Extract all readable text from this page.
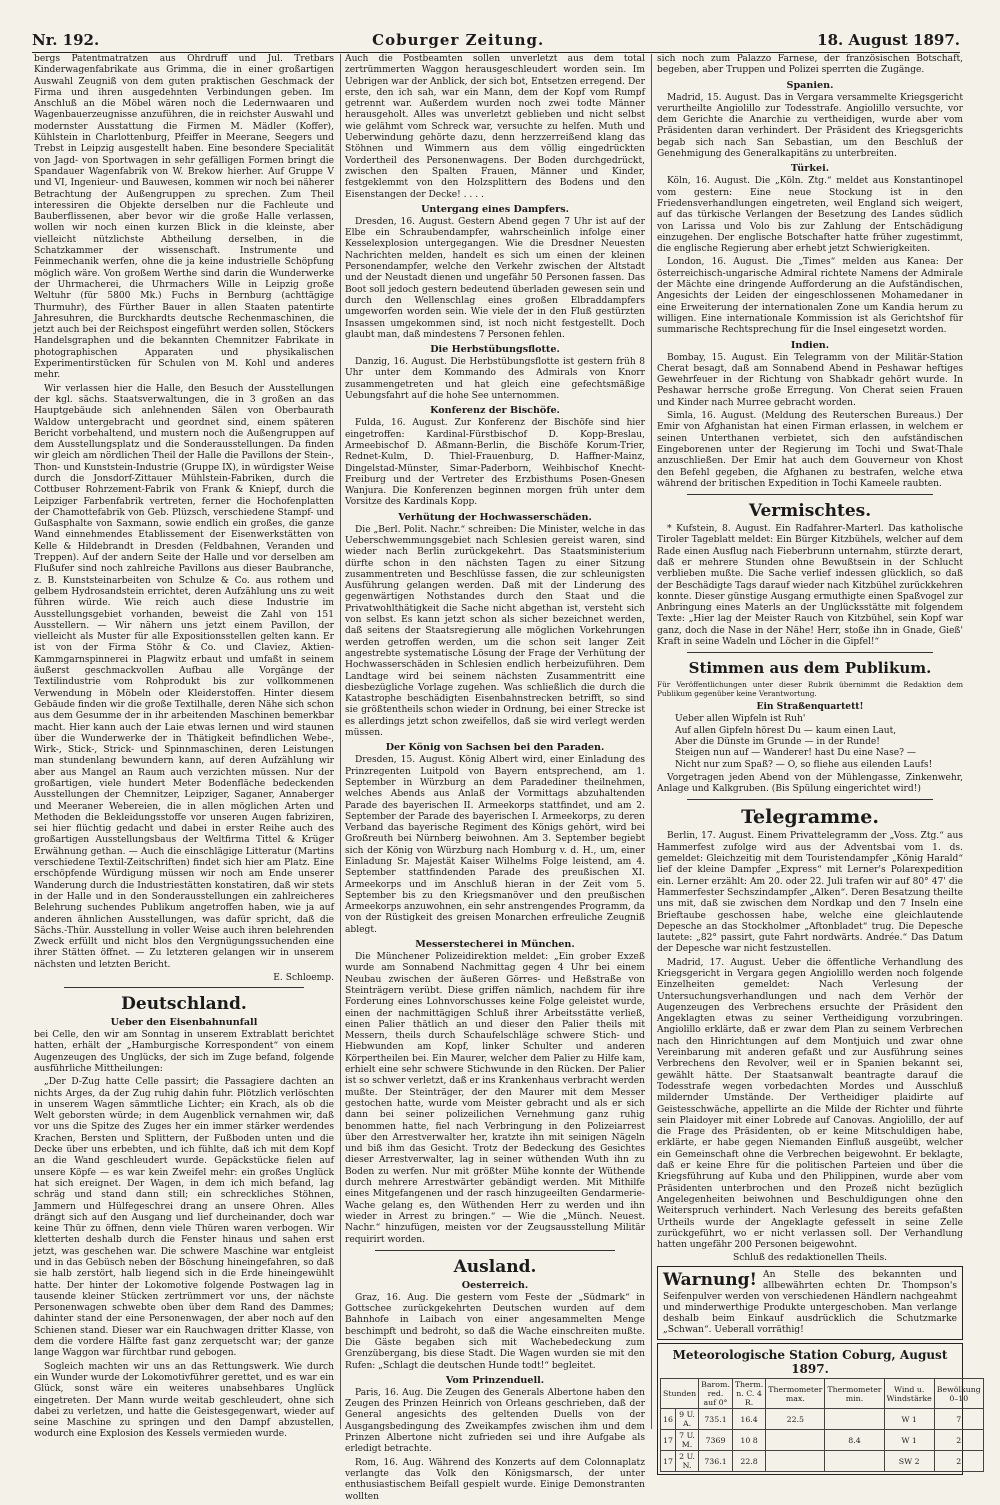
Nr. 192.	Coburger Zeitung.	18. August 1897.

bergs Patentmatratzen aus Ohrdruff und Jul. Tretbars Kinderwagenfabrikate aus Grimma, die in einer großartigen Auswahl Zeugniß von dem guten praktischen Geschmack der Firma und ihren ausgedehnten Verbindungen geben. Im Anschluß an die Möbel wären noch die Ledernwaaren und Wagenbauerzeugnisse anzuführen, die in reichster Auswahl und modernster Ausstattung die Firmen M. Mädler (Koffer), Kühlstein in Charlottenburg, Pfeiffer in Meerane, Seegers und Trebst in Leipzig ausgestellt haben. Eine besondere Specialität von Jagd- von Sportwagen in sehr gefälligen Formen bringt die Spandauer Wagenfabrik von W. Brekow hierher. Auf Gruppe V und VI, Ingenieur- und Bauwesen, kommen wir noch bei näherer Betrachtung der Außengruppen zu sprechen. Zum Theil interessiren die Objekte derselben nur die Fachleute und Bauberflissenen, aber bevor wir die große Halle verlassen, wollen wir noch einen kurzen Blick in die kleinste, aber vielleicht nützlichste Abtheilung derselben, in die Schatzkammer der wissenschaft. Instrumente und Feinmechanik werfen, ohne die ja keine industrielle Schöpfung möglich wäre. Von großem Werthe sind darin die Wunderwerke der Uhrmacherei, die Uhrmachers Wille in Leipzig große Weltuhr (für 5800 Mk.) Fuchs in Bernburg (achttägige Thurmuhr), des Fürther Bauer in allen Staaten patentirte Jahresuhren, die Burckhardts deutsche Rechenmaschinen, die jetzt auch bei der Reichspost eingeführt werden sollen, Stöckers Handelsgraphen und die bekannten Chemnitzer Fabrikate in photographischen Apparaten und physikalischen Experimentirstücken für Schulen von M. Kohl und anderes mehr.

Wir verlassen hier die Halle, den Besuch der Ausstellungen der kgl. sächs. Staatsverwaltungen, die in 3 großen an das Hauptgebäude sich anlehnenden Sälen von Oberbaurath Waldow untergebracht und geordnet sind, einem späteren Bericht vorbehaltend, und mustern noch die Außengruppen auf dem Ausstellungsplatz und die Sonderausstellungen. Da finden wir gleich am nördlichen Theil der Halle die Pavillons der Stein-, Thon- und Kunststein-Industrie (Gruppe IX), in würdigster Weise durch die Jonsdorf-Zittauer Mühlstein-Fabriken, durch die Cottbuser Rohrzement-Fabrik von Frank & Kniepf, durch die Leipziger Farbenfabrik vertreten, ferner die Hochofenplatten der Chamottefabrik von Geb. Plüzsch, verschiedene Stampf- und Gußasphalte von Saxmann, sowie endlich ein großes, die ganze Wand einnehmendes Etablissement der Eisenwerkstätten von Kelle & Hildebrandt in Dresden (Feldbahnen, Veranden und Treppen). Auf der andern Seite der Halle und vor derselben am Flußufer sind noch zahlreiche Pavillons aus dieser Baubranche, z. B. Kunststeinarbeiten von Schulze & Co. aus rothem und gelbem Hydrosandstein errichtet, deren Aufzählung uns zu weit führen würde. Wie reich auch diese Industrie im Ausstellungsgebiet vorhanden, beweist die Zahl von 151 Ausstellern. — Wir nähern uns jetzt einem Pavillon, der vielleicht als Muster für alle Expositionsstellen gelten kann. Er ist von der Firma Stöhr & Co. und Claviez, Aktien-Kammgarnspinnerei in Plagwitz erbaut und umfaßt in seinem äußerst geschmackvollen Aufbau alle Vorgänge der Textilindustrie vom Rohprodukt bis zur vollkommenen Verwendung in Möbeln oder Kleiderstoffen. Hinter diesem Gebäude finden wir die große Textilhalle, deren Nähe sich schon aus dem Gesumme der in ihr arbeitenden Maschinen bemerkbar macht. Hier kann auch der Laie etwas lernen und wird staunen über die Wunderwerke der in Thätigkeit befindlichen Webe-, Wirk-, Stick-, Strick- und Spinnmaschinen, deren Leistungen man stundenlang bewundern kann, auf deren Aufzählung wir aber aus Mangel an Raum auch verzichten müssen. Nur der großartigen, viele hundert Meter Bodenfläche bedeckenden Ausstellungen der Chemnitzer, Leipziger, Saganer, Annaberger und Meeraner Webereien, die in allen möglichen Arten und Methoden die Bekleidungsstoffe vor unseren Augen fabriziren, sei hier flüchtig gedacht und dabei in erster Reihe auch des großartigen Ausstellungsbaus der Weltfirma Tittel & Krüger Erwähnung gethan. — Auch die einschlägige Litteratur (Martins verschiedene Textil-Zeitschriften) findet sich hier am Platz. Eine erschöpfende Würdigung müssen wir noch am Ende unserer Wanderung durch die Industriestätten konstatiren, daß wir stets in der Halle und in den Sonderausstellungen ein zahlreicheres Belehrung suchendes Publikum angetroffen haben, wie ja auf anderen ähnlichen Ausstellungen, was dafür spricht, daß die Sächs.-Thür. Ausstellung in voller Weise auch ihren belehrenden Zweck erfüllt und nicht blos den Vergnügungssuchenden eine ihrer Stätten öffnet. — Zu letzteren gelangen wir in unserem nächsten und letzten Bericht.

E. Schloemp.
Deutschland.
Ueber den Eisenbahnunfall

bei Celle, den wir am Sonntag in unserem Extrablatt berichtet hatten, erhält der „Hamburgische Korrespondent“ von einem Augenzeugen des Unglücks, der sich im Zuge befand, folgende ausführliche Mittheilungen:

„Der D-Zug hatte Celle passirt; die Passagiere dachten an nichts Arges, da der Zug ruhig dahin fuhr. Plötzlich verlöschten in unserem Wagen sämmtliche Lichter; ein Krach, als ob die Welt geborsten würde; in dem Augenblick vernahmen wir, daß vor uns die Spitze des Zuges her ein immer stärker werdendes Krachen, Bersten und Splittern, der Fußboden unten und die Decke über uns erbebten, und ich fühlte, daß ich mit dem Kopf an die Wand geschleudert wurde. Gepäckstücke fielen auf unsere Köpfe — es war kein Zweifel mehr: ein großes Unglück hat sich ereignet. Der Wagen, in dem ich mich befand, lag schräg und stand dann still; ein schreckliches Stöhnen, Jammern und Hülfegeschrei drang an unsere Ohren. Alles drängt sich auf den Ausgang und lief durcheinander, doch war keine Thür zu öffnen, denn viele Thüren waren verbogen. Wir kletterten deshalb durch die Fenster hinaus und sahen erst jetzt, was geschehen war. Die schwere Maschine war entgleist und in das Gebüsch neben der Böschung hineingefahren, so daß sie halb zerstört, halb liegend sich in die Erde hineingewühlt hatte. Der hinter der Lokomotive folgende Postwagen lag in tausende kleiner Stücken zertrümmert vor uns, der nächste Personenwagen schwebte oben über dem Rand des Dammes; dahinter stand der eine Personenwagen, der aber noch auf den Schienen stand. Dieser war ein Rauchwagen dritter Klasse, von dem die vordere Hälfte fast ganz zerquetscht war; der ganze lange Waggon war fürchtbar rund gebogen.

Sogleich machten wir uns an das Rettungswerk. Wie durch ein Wunder wurde der Lokomotivführer gerettet, und es war ein Glück, sonst wäre ein weiteres unabsehbares Unglück eingetreten. Der Mann wurde weitab geschleudert, ohne sich dabei zu verletzen, und hatte die Geistesgegenwart, wieder auf seine Maschine zu springen und den Dampf abzustellen, wodurch eine Explosion des Kessels vermieden wurde.

Auch die Postbeamten sollen unverletzt aus dem total zertrümmerten Waggon herausgeschleudert worden sein. Im Uebrigen war der Anblick, der sich bot, Entsetzen erregend. Der erste, den ich sah, war ein Mann, dem der Kopf vom Rumpf getrennt war. Außerdem wurden noch zwei todte Männer herausgeholt. Alles was unverletzt geblieben und nicht selbst wie gelähmt vom Schreck war, versuchte zu helfen. Muth und Ueberwindung gehörte dazu, denn herzzerreißend klang das Stöhnen und Wimmern aus dem völlig eingedrückten Vordertheil des Personenwagens. Der Boden durchgedrückt, zwischen den Spalten Frauen, Männer und Kinder, festgeklemmt von den Holzsplittern des Bodens und den Eisenstangen der Decke! . . . .

Untergang eines Dampfers.

Dresden, 16. August. Gestern Abend gegen 7 Uhr ist auf der Elbe ein Schraubendampfer, wahrscheinlich infolge einer Kesselexplosion untergegangen. Wie die Dresdner Neuesten Nachrichten melden, handelt es sich um einen der kleinen Personendampfer, welche den Verkehr zwischen der Altstadt und der Neustadt dienen und ungefähr 50 Personen fassen. Das Boot soll jedoch gestern bedeutend überladen gewesen sein und durch den Wellenschlag eines großen Elbraddampfers umgeworfen worden sein. Wie viele der in den Fluß gestürzten Insassen umgekommen sind, ist noch nicht festgestellt. Doch glaubt man, daß mindestens 7 Personen fehlen.

Die Herbstübungsflotte.

Danzig, 16. August. Die Herbstübungsflotte ist gestern früh 8 Uhr unter dem Kommando des Admirals von Knorr zusammengetreten und hat gleich eine gefechtsmäßige Uebungsfahrt auf die hohe See unternommen.

Konferenz der Bischöfe.

Fulda, 16. August. Zur Konferenz der Bischöfe sind hier eingetroffen: Kardinal-Fürstbischof D. Kopp-Breslau, Armeebischof D. Aßmann-Berlin, die Bischöfe Korum-Trier, Rednet-Kulm, D. Thiel-Frauenburg, D. Haffner-Mainz, Dingelstad-Münster, Simar-Paderborn, Weihbischof Knecht-Freiburg und der Vertreter des Erzbisthums Posen-Gnesen Wanjura. Die Konferenzen beginnen morgen früh unter dem Vorsitze des Kardinals Kopp.

Verhütung der Hochwasserschäden.

Die „Berl. Polit. Nachr.“ schreiben: Die Minister, welche in das Ueberschwemmungsgebiet nach Schlesien gereist waren, sind wieder nach Berlin zurückgekehrt. Das Staatsministerium dürfte schon in den nächsten Tagen zu einer Sitzung zusammentreten und Beschlüsse fassen, die zur schleunigsten Ausführung gelangen werden. Daß mit der Linderung des gegenwärtigen Nothstandes durch den Staat und die Privatwohlthätigkeit die Sache nicht abgethan ist, versteht sich von selbst. Es kann jetzt schon als sicher bezeichnet werden, daß seitens der Staatsregierung alle möglichen Vorkehrungen werden getroffen werden, um die schon seit langer Zeit angestrebte systematische Lösung der Frage der Verhütung der Hochwasserschäden in Schlesien endlich herbeizuführen. Dem Landtage wird bei seinem nächsten Zusammentritt eine diesbezügliche Vorlage zugehen. Was schließlich die durch die Katastrophe beschädigten Eisenbahnstrecken betrifft, so sind sie größtentheils schon wieder in Ordnung, bei einer Strecke ist es allerdings jetzt schon zweifellos, daß sie wird verlegt werden müssen.

Der König von Sachsen bei den Paraden.

Dresden, 15. August. König Albert wird, einer Einladung des Prinzregenten Luitpold von Bayern entsprechend, am 1. September in Würzburg an dem Paradediner theilnehmen, welches Abends aus Anlaß der Vormittags abzuhaltenden Parade des bayerischen II. Armeekorps stattfindet, und am 2. September der Parade des bayerischen I. Armeekorps, zu deren Verband das bayerische Regiment des Königs gehört, wird bei Großreuth bei Nürnberg beiwohnen. Am 3. September begiebt sich der König von Würzburg nach Homburg v. d. H., um, einer Einladung Sr. Majestät Kaiser Wilhelms Folge leistend, am 4. September stattfindenden Parade des preußischen XI. Armeekorps und im Anschluß hieran in der Zeit vom 5. September bis zu den Kriegsmanöver und den preußischen Armeekorps anzuwohnen, ein sehr anstrengendes Programm, da von der Rüstigkeit des greisen Monarchen erfreuliche Zeugniß ablegt.

Messerstecherei in München.

Die Münchener Polizeidirektion meldet: „Ein grober Exzeß wurde am Sonnabend Nachmittag gegen 4 Uhr bei einem Neubau zwischen der äußeren Görres- und Heßstraße von Steinträgern verübt. Diese griffen nämlich, nachdem für ihre Forderung eines Lohnvorschusses keine Folge geleistet wurde, einen der nachmittägigen Schluß ihrer Arbeitsstätte verließ, einen Palier thätlich an und dieser den Palier theils mit Messern, theils durch Schaufelschläge schwere Stich- und Hiebwunden am Kopf, linker Schulter und anderen Körpertheilen bei. Ein Maurer, welcher dem Palier zu Hilfe kam, erhielt eine sehr schwere Stichwunde in den Rücken. Der Palier ist so schwer verletzt, daß er ins Krankenhaus verbracht werden mußte. Der Steinträger, der den Maurer mit dem Messer gestochen hatte, wurde vom Meister gebracht und als er sich dann bei seiner polizeilichen Vernehmung ganz ruhig benommen hatte, fiel nach Verbringung in den Polizeiarrest über den Arrestverwalter her, kratzte ihn mit seinigen Nägeln und biß ihm das Gesicht. Trotz der Bedeckung des Gesichtes dieser Arrestverwalter, lag in seiner wüthenden Wuth ihn zu Boden zu werfen. Nur mit größter Mühe konnte der Wüthende durch mehrere Arrestwärter gebändigt werden. Mit Mithilfe eines Mitgefangenen und der rasch hinzugeeilten Gendarmerie-Wache gelang es, den Wüthenden Herr zu werden und ihn wieder in Arrest zu bringen.“ — Wie die „Münch. Neuest. Nachr.“ hinzufügen, meisten vor der Zeugsausstellung Militär requirirt worden.

Ausland.
Oesterreich.

Graz, 16. Aug. Die gestern vom Feste der „Südmark“ in Gottschee zurückgekehrten Deutschen wurden auf dem Bahnhofe in Laibach von einer angesammelten Menge beschimpft und bedroht, so daß die Wache einschreiten mußte. Die Gäste begaben sich mit Wachebedeckung zum Grenzübergang, bis diese Stadt. Die Wagen wurden sie mit den Rufen: „Schlagt die deutschen Hunde todt!“ begleitet.

Vom Prinzenduell.

Paris, 16. Aug. Die Zeugen des Generals Albertone haben den Zeugen des Prinzen Heinrich von Orleans geschrieben, daß der General angesichts des geltenden Duells von der Ausgangsbedingung des Zweikampfes zwischen ihm und dem Prinzen Albertone nicht zufrieden sei und ihre Aufgabe als erledigt betrachte.

Rom, 16. Aug. Während des Konzerts auf dem Colonnaplatz verlangte das Volk den Königsmarsch, der unter enthusiastischem Beifall gespielt wurde. Einige Demonstranten wollten

sich noch zum Palazzo Farnese, der französischen Botschaft, begeben, aber Truppen und Polizei sperrten die Zugänge.

Spanien.

Madrid, 15. August. Das in Vergara versammelte Kriegsgericht verurtheilte Angiolillo zur Todesstrafe. Angiolillo versuchte, vor dem Gerichte die Anarchie zu vertheidigen, wurde aber vom Präsidenten daran verhindert. Der Präsident des Kriegsgerichts begab sich nach San Sebastian, um den Beschluß der Genehmigung des Generalkapitäns zu unterbreiten.

Türkei.

Köln, 16. August. Die „Köln. Ztg.“ meldet aus Konstantinopel vom gestern: Eine neue Stockung ist in den Friedensverhandlungen eingetreten, weil England sich weigert, auf das türkische Verlangen der Besetzung des Landes südlich von Larissa und Volo bis zur Zahlung der Entschädigung einzugehen. Der englische Botschafter hatte früher zugestimmt, die englische Regierung aber erhebt jetzt Schwierigkeiten.

London, 16. August. Die „Times“ melden aus Kanea: Der österreichisch-ungarische Admiral richtete Namens der Admirale der Mächte eine dringende Aufforderung an die Aufständischen, Angesichts der Leiden der eingeschlossenen Mohamedaner in eine Erweiterung der internationalen Zone um Kandia herum zu willigen. Eine internationale Kommission ist als Gerichtshof für summarische Rechtsprechung für die Insel eingesetzt worden.

Indien.

Bombay, 15. August. Ein Telegramm von der Militär-Station Cherat besagt, daß am Sonnabend Abend in Peshawar heftiges Gewehrfeuer in der Richtung von Shabkadr gehört wurde. In Peshawar herrsche große Erregung. Von Cherat seien Frauen und Kinder nach Murree gebracht worden.

Simla, 16. August. (Meldung des Reuterschen Bureaus.) Der Emir von Afghanistan hat einen Firman erlassen, in welchem er seinen Unterthanen verbietet, sich den aufständischen Eingeborenen unter der Regierung im Tochi und Swat-Thale anzuschließen. Der Emir hat auch dem Gouverneur von Khost den Befehl gegeben, die Afghanen zu bestrafen, welche etwa während der britischen Expedition in Tochi Kameele raubten.

Vermischtes.

* Kufstein, 8. August. Ein Radfahrer-Marterl. Das katholische Tiroler Tageblatt meldet: Ein Bürger Kitzbühels, welcher auf dem Rade einen Ausflug nach Fieberbrunn unternahm, stürzte derart, daß er mehrere Stunden ohne Bewußtsein in der Schlucht verblieben mußte. Die Sache verlief indessen glücklich, so daß der Beschädigte Tags darauf wieder nach Kitzbühel zurückkehren konnte. Dieser günstige Ausgang ermuthigte einen Spaßvogel zur Anbringung eines Materls an der Unglücksstätte mit folgendem Texte: „Hier lag der Meister Rauch von Kitzbühel, sein Kopf war ganz, doch die Nase in der Nähe! Herr, stoße ihn in Gnade, Gieß' Kraft in seine Wadeln und Löcher in die Gipfel!“

Stimmen aus dem Publikum.
Für Veröffentlichungen unter dieser Rubrik übernimmt die Redaktion dem Publikum gegenüber keine Verantwortung.
Ein Straßenquartett!
Ueber allen Wipfeln ist Ruh'
Auf allen Gipfeln hörest Du — kaum einen Laut,
Aber die Dünste im Grunde — in der Runde!
Steigen nun auf — Wanderer! hast Du eine Nase? —
Nicht nur zum Spaß? — O, so fliehe aus eilenden Laufs!

Vorgetragen jeden Abend von der Mühlengasse, Zinkenwehr, Anlage und Kalkgruben. (Bis Spülung eingerichtet wird!)

Telegramme.

Berlin, 17. August. Einem Privattelegramm der „Voss. Ztg.“ aus Hammerfest zufolge wird aus der Adventsbai vom 1. ds. gemeldet: Gleichzeitig mit dem Touristendampfer „König Harald“ lief der kleine Dampfer „Express“ mit Lerner's Polarexpedition ein. Lerner erzählt: Am 20. oder 22. Juli trafen wir auf 80° 47' die Hammerfester Sechszindampfer „Alken“. Deren Besatzung theilte uns mit, daß sie zwischen dem Nordkap und den 7 Inseln eine Brieftaube geschossen habe, welche eine gleichlautende Depesche an das Stockholmer „Aftonbladet“ trug. Die Depesche lautete: „82° passirt, gute Fahrt nordwärts. Andrée.“ Das Datum der Depesche war nicht festzustellen.

Madrid, 17. August. Ueber die öffentliche Verhandlung des Kriegsgericht in Vergara gegen Angiolillo werden noch folgende Einzelheiten gemeldet: Nach Verlesung der Untersuchungsverhandlungen und nach dem Verhör der Augenzeugen des Verbrechens ersuchte der Präsident den Angeklagten etwas zu seiner Vertheidigung vorzubringen. Angiolillo erklärte, daß er zwar dem Plan zu seinem Verbrechen nach den Hinrichtungen auf dem Montjuich und zwar ohne Vereinbarung mit anderen gefaßt und zur Ausführung seines Verbrechens den Revolver, weil er in Spanien bekannt sei, gewählt hätte. Der Staatsanwalt beantragte darauf die Todesstrafe wegen vorbedachten Mordes und Ausschluß mildernder Umstände. Der Vertheidiger plaidirte auf Geistesschwäche, appellirte an die Milde der Richter und führte sein Plaidoyer mit einer Lobrede auf Canovas. Angiolillo, der auf die Frage des Präsidenten, ob er keine Mitschuldigen habe, erklärte, er habe gegen Niemanden Einfluß ausgeübt, welcher ein Gemeinschaft ohne die Verbrechen beigewohnt. Er beklagte, daß er keine Ehre für die politischen Parteien und über die Kriegsführung auf Kuba und den Philippinen, wurde aber vom Präsidenten unterbrochen und den Prozeß nicht bezüglich Angelegenheiten beiwohnen und Beschuldigungen ohne den Weiterspruch verhindert. Nach Verlesung des bereits gefaßten Urtheils wurde der Angeklagte gefesselt in seine Zelle zurückgeführt, wo er nicht verlassen soll. Der Verhandlung hatten ungefähr 200 Personen beigewohnt.

Schluß des redaktionellen Theils.
Warnung! An Stelle des bekannten und allbewährten echten Dr. Thompson's Seifenpulver werden von verschiedenen Händlern nachgeahmt und minderwerthige Produkte untergeschoben. Man verlange deshalb beim Einkauf ausdrücklich die Schutzmarke „Schwan“. Ueberall vorräthig!
Meteorologische Station Coburg, August 1897.
Stunden		Barom. red. auf 0°	Therm. n. C. 4 R.	Thermometer max.	Thermometer min.	Wind u. Windstärke	Bewölkung 0–10
16	9 U. A.	735.1	16.4	22.5		W 1	7
17	7 U. M.	7369	10 8		8.4	W 1	2
17	2 U. N.	736.1	22.8			SW 2	2
